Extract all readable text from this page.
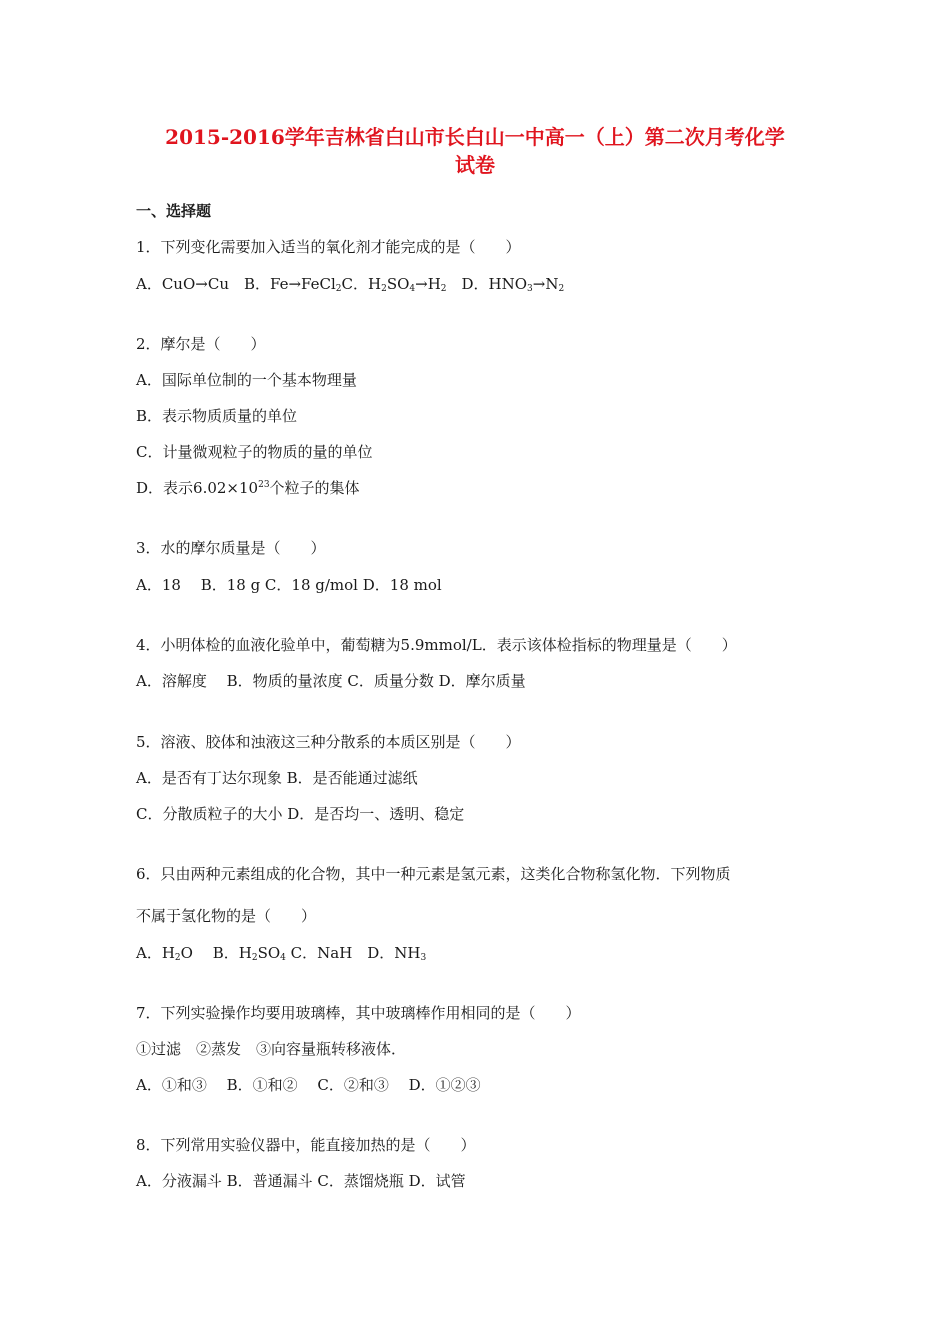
2015-2016学年吉林省白山市长白山一中高一（上）第二次月考化学
试卷
一、选择题
1．下列变化需要加入适当的氧化剂才能完成的是（　　）
A．CuO→Cu　B．Fe→FeCl$_2$C．$H_2SO_4\to H_2$　D．$HNO_3\to N_2$
2．摩尔是（　　）
A．国际单位制的一个基本物理量
B．表示物质质量的单位
C．计量微观粒子的物质的量的单位
D．表示$6.02\times 10^{23}$个粒子的集体
3．水的摩尔质量是（　　）
A．18　 B．18 g C．18 g/mol D．18 mol
4．小明体检的血液化验单中，葡萄糖为5.9mmol/L．表示该体检指标的物理量是（　　）
A．溶解度　 B．物质的量浓度 C．质量分数 D．摩尔质量
5．溶液、胶体和浊液这三种分散系的本质区别是（　　）
A．是否有丁达尔现象 B．是否能通过滤纸
C．分散质粒子的大小 D．是否均一、透明、稳定
6．只由两种元素组成的化合物，其中一种元素是氢元素，这类化合物称氢化物．下列物质
不属于氢化物的是（　　）
A．$H_2O$　 B．$H_2SO_4$ C．NaH　D．$NH_3$
7．下列实验操作均要用玻璃棒，其中玻璃棒作用相同的是（　　）
①过滤　②蒸发　③向容量瓶转移液体．
A．①和③　 B．①和②　 C．②和③　 D．①②③
8．下列常用实验仪器中，能直接加热的是（　　）
A．分液漏斗 B．普通漏斗 C．蒸馏烧瓶 D．试管
